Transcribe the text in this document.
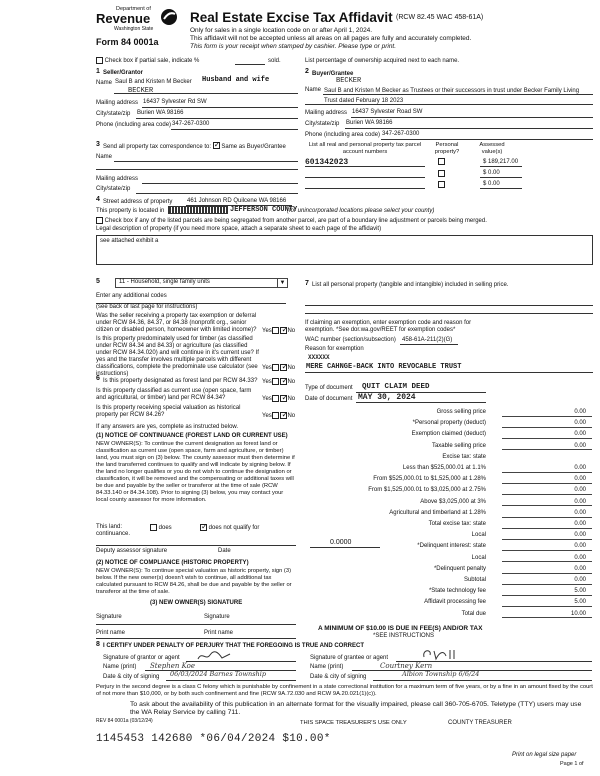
Department of
Revenue
Washington State
Form 84 0001a
Real Estate Excise Tax Affidavit (RCW 82.45 WAC 458-61A)
Only for sales in a single location code on or after April 1, 2024.
This affidavit will not be accepted unless all areas on all pages are fully and accurately completed.
This form is your receipt when stamped by cashier. Please type or print.
Check box if partial sale, indicate %	sold.	List percentage of ownership acquired next to each name.
1 Seller/Grantor
Name Saul B and Kristen M Becker Husband and wife
BECKER
Mailing address 16437 Sylvester Rd SW
City/state/zip Burien WA 98166
Phone (including area code) 347-267-0300
2 Buyer/Grantee
BECKER
Name Saul B and Kristen M Becker as Trustees or their successors in trust under Becker Family Living Trust dated February 18 2023
Mailing address 16437 Sylvester Road SW
City/state/zip Burien WA 98166
Phone (including area code) 347-267-0300
3 Send all property tax correspondence to: ✓ Same as Buyer/Grantee
Name
Mailing address
City/state/zip
List all real and personal property tax parcel account numbers
Personal property?
Assessed value(s)
601342023	$ 189,217.00
$ 0.00
$ 0.00
4 Street address of property 461 Johnson RD Quilcene WA 98166
This property is located in	JEFFERSON COUNTY
(for unincorporated locations please select your county)
Check box if any of the listed parcels are being segregated from another parcel, are part of a boundary line adjustment or parcels being merged.
Legal description of property (if you need more space, attach a separate sheet to each page of the affidavit)
see attached exhibit a
5	11 - Household, single family units	▼
Enter any additional codes
(see back of last page for instructions)
Was the seller receiving a property tax exemption or deferral under RCW 84.36, 84.37, or 84.38 (nonprofit org., senior citizen or disabled person, homeowner with limited income)? Yes ✓ No
Is this property predominately used for timber (as classified under RCW 84.34 and 84.33) or agriculture (as classified under RCW 84.34.020) and will continue in it's current use? If yes and the transfer involves multiple parcels with different classifications, complete the predominate use calculator (see instructions)
Yes ✓ No
6 Is this property designated as forest land per RCW 84.33? Yes ✓ No
Is this property classified as current use (open space, farm and agricultural, or timber) land per RCW 84.34?	Yes ✓ No
Is this property receiving special valuation as historical property per RCW 84.26?	Yes ✓ No
If any answers are yes, complete as instructed below.
(1) NOTICE OF CONTINUANCE (FOREST LAND OR CURRENT USE)
NEW OWNER(S): To continue the current designation as forest land or classification as current use (open space, farm and agriculture, or timber) land, you must sign on (3) below. The county assessor must then determine if the land transferred continues to qualify and will indicate by signing below. If the land no longer qualifies or you do not wish to continue the designation or classification, it will be removed and the compensating or additional taxes will be due and payable by the seller or transferor at the time of sale (RCW 84.33.140 or 84.34.108). Prior to signing (3) below, you may contact your local county assessor for more information.
This land:
continuance.
does	✓ does not qualify for
Deputy assessor signature	Date
(2) NOTICE OF COMPLIANCE (HISTORIC PROPERTY)
NEW OWNER(S): To continue special valuation as historic property, sign (3) below. If the new owner(s) doesn't wish to continue, all additional tax calculated pursuant to RCW 84.26, shall be due and payable by the seller or transferor at the time of sale.
(3) NEW OWNER(S) SIGNATURE
Signature	Signature
Print name	Print name
7 List all personal property (tangible and intangible) included in selling price.
If claiming an exemption, enter exemption code and reason for exemption. *See dor.wa.gov/REET for exemption codes*
WAC number (section/subsection) 458-61A-211(2)(G)
Reason for exemption
XXXXXX
MERE CAHNGE-BACK INTO REVOCABLE TRUST
Type of document QUIT CLAIM DEED
Date of document MAY 30, 2024
Gross selling price	0.00
*Personal property (deduct)	0.00
Exemption claimed (deduct)	0.00
Taxable selling price	0.00
Excise tax: state
Less than $525,000.01 at 1.1%	0.00
From $525,000.01 to $1,525,000 at 1.28%	0.00
From $1,525,000.01 to $3,025,000 at 2.75%	0.00
Above $3,025,000 at 3%	0.00
Agricultural and timberland at 1.28%	0.00
Total excise tax: state	0.00
Local	0.00
*Delinquent interest: state	0.00
Local	0.00
*Delinquent penalty	0.00
Subtotal	0.00
*State technology fee	5.00
Affidavit processing fee	5.00
Total due	10.00
0.0000
A MINIMUM OF $10.00 IS DUE IN FEE(S) AND/OR TAX
*SEE INSTRUCTIONS
8 I CERTIFY UNDER PENALTY OF PERJURY THAT THE FOREGOING IS TRUE AND CORRECT
Signature of grantor or agent
Name (print) Stephen Koe
Date & city of signing 06/03/2024 Barnes Township
Signature of grantee or agent
Name (print)	Courtney Kern
Date & city of signing	Albion Township 6/6/24
Perjury in the second degree is a class C felony which is punishable by confinement in a state correctional institution for a maximum term of five years, or by a fine in an amount fixed by the court of not more than $10,000, or by both such confinement and fine (RCW 9A.72.030 and RCW 9A.20.021(1)(c)).
To ask about the availability of this publication in an alternate format for the visually impaired, please call 360-705-6705. Teletype (TTY) users may use the WA Relay Service by calling 711.
REV 84 0001a (03/12/24)	THIS SPACE TREASURER'S USE ONLY	COUNTY TREASURER
1145453 142680 *06/04/2024 $10.00*
Print on legal size paper
Page 1 of
